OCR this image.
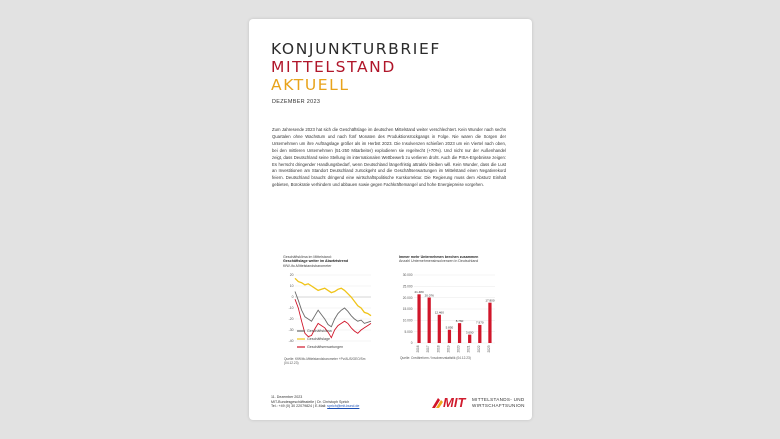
KONJUNKTURBRIEF
MITTELSTAND
AKTUELL
DEZEMBER 2023
Zum Jahresende 2023 hat sich die Geschäftslage im deutschen Mittelstand weiter verschlechtert. Kein Wunder nach sechs Quartalen ohne Wachstum und nach fünf Monaten des Produktionsrückgangs in Folge. Nie waren die Sorgen der Unternehmen um ihre Auftragslage größer als im Herbst 2023. Die Insolvenzen schießen 2023 um ein Viertel nach oben, bei den mittleren Unternehmen (51-250 Mitarbeiter) explodieren sie regelrecht (+70%). Und nicht nur der Außenhandel zeigt, dass Deutschland seine Stellung im internationalen Wettbewerb zu verlieren droht. Auch die PISA-Ergebnisse zeigen: Es herrscht dringender Handlungsbedarf, wenn Deutschland längerfristig attraktiv bleiben will. Kein Wunder, dass die Lust an Investitionen am Standort Deutschland zurückgeht und die Geschäftserwartungen im Mittelstand einen Negativrekord feiern. Deutschland braucht dringend eine wirtschaftspolitische Kurskorrektur. Die Regierung muss dem Absturz Einhalt gebieten, Bürokratie verhindern und abbauen sowie gegen Fachkräftemangel und hohe Energiepreise vorgehen.
Geschäftsklima im Mittelstand:
Geschäftslage weiter im Abwärtstrend
KfW-ifo-Mittelstandsbarometer
20
10
0
-10
-20
-30
-40
Geschäftsklima
Geschäftslage
Geschäftserwartungen
Quelle: KfW/ifo-Mittelstandsbarometer +Pv/AUS/GEO/Sm (04.12.23)
Immer mehr Unternehmen brechen zusammen
Anzahl Unternehmensinsolvenzen in Deutschland
30.000
25.000
20.000
15.000
10.000
5.000
0
21.480
2016
20.076
2017
12.460
2018
5.850
2019
8.760
2020
3.690
2021
7.970
2022
17.800
2023
Quelle: Creditreform / Insolvenzstatistik (04.12.23)
11. Dezember 2023
MIT-Bundesgeschäftsstelle | Dr. Christoph Sprich
Tel.: +49 (0) 30 22079824 | E-Mail: sprich@mit-bund.de	MIT MITTELSTANDS- UND
WIRTSCHAFTSUNION
